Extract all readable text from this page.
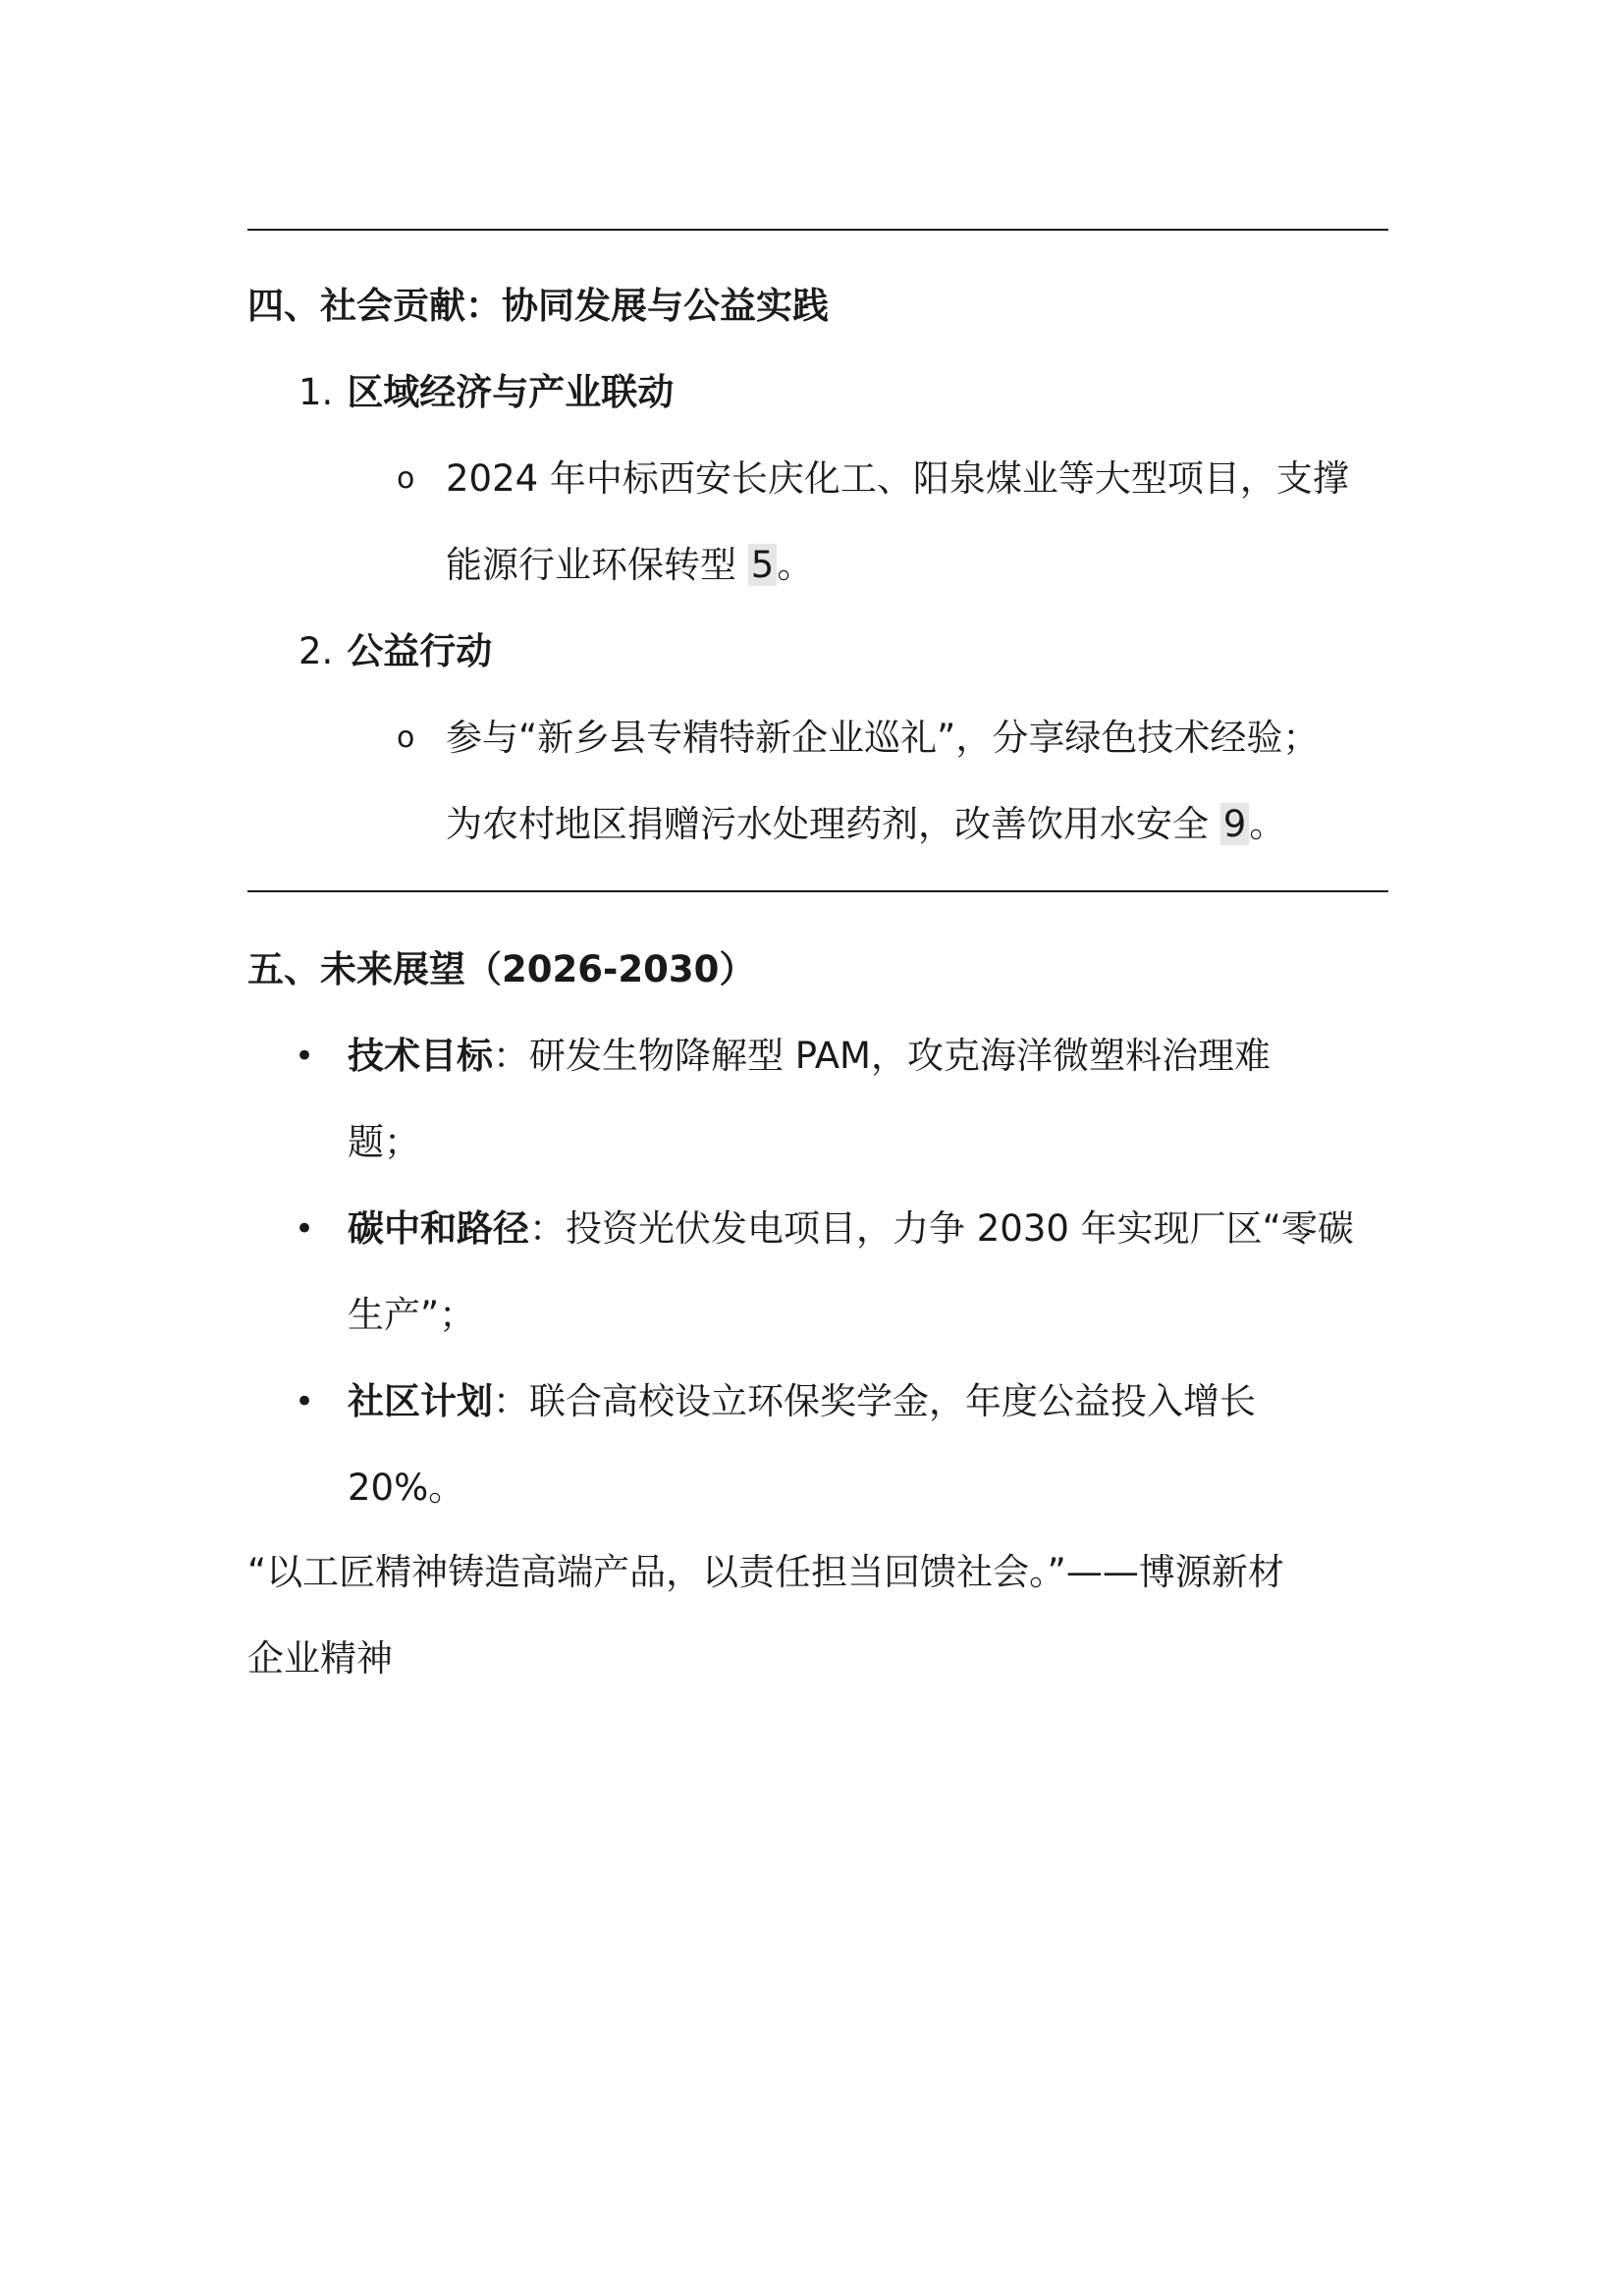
四、社会贡献：协同发展与公益实践
1. 区域经济与产业联动
o 2024 年中标西安长庆化工、阳泉煤业等大型项目，支撑
能源行业环保转型 5。
2. 公益行动
o 参与“新乡县专精特新企业巡礼”，分享绿色技术经验；
为农村地区捐赠污水处理药剂，改善饮用水安全 9。
五、未来展望（2026-2030）
• 技术目标：研发生物降解型 PAM，攻克海洋微塑料治理难
题；
• 碳中和路径：投资光伏发电项目，力争 2030 年实现厂区“零碳
生产”；
• 社区计划：联合高校设立环保奖学金，年度公益投入增长
20%。
“以工匠精神铸造高端产品，以责任担当回馈社会。”——博源新材
企业精神
